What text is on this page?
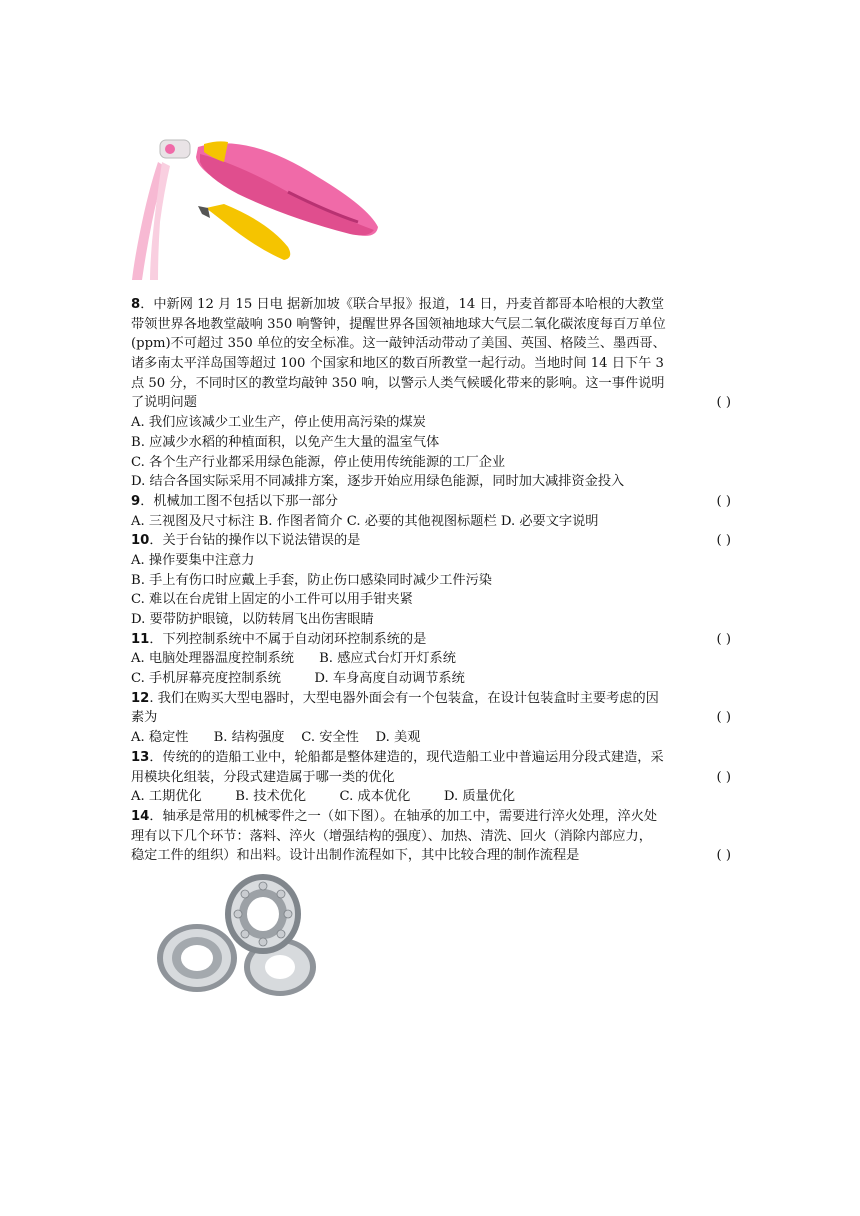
8．中新网 12 月 15 日电 据新加坡《联合早报》报道，14 日，丹麦首都哥本哈根的大教堂
带领世界各地教堂敲响 350 响警钟，提醒世界各国领袖地球大气层二氧化碳浓度每百万单位
(ppm)不可超过 350 单位的安全标准。这一敲钟活动带动了美国、英国、格陵兰、墨西哥、
诸多南太平洋岛国等超过 100 个国家和地区的数百所教堂一起行动。当地时间 14 日下午 3
点 50 分，不同时区的教堂均敲钟 350 响，以警示人类气候暖化带来的影响。这一事件说明
了说明问题	( )
A. 我们应该减少工业生产，停止使用高污染的煤炭
B. 应减少水稻的种植面积，以免产生大量的温室气体
C. 各个生产行业都采用绿色能源，停止使用传统能源的工厂企业
D. 结合各国实际采用不同减排方案，逐步开始应用绿色能源，同时加大减排资金投入
9．机械加工图不包括以下那一部分	( )
A. 三视图及尺寸标注 B. 作图者简介 C. 必要的其他视图标题栏 D. 必要文字说明
10．关于台钻的操作以下说法错误的是	( )
A. 操作要集中注意力
B. 手上有伤口时应戴上手套，防止伤口感染同时减少工件污染
C. 难以在台虎钳上固定的小工件可以用手钳夹紧
D. 要带防护眼镜，以防转屑飞出伤害眼睛
11．下列控制系统中不属于自动闭环控制系统的是	( )
A. 电脑处理器温度控制系统      B. 感应式台灯开灯系统
C. 手机屏幕亮度控制系统        D. 车身高度自动调节系统
12. 我们在购买大型电器时，大型电器外面会有一个包装盒，在设计包装盒时主要考虑的因
素为	( )
A. 稳定性      B. 结构强度    C. 安全性    D. 美观
13．传统的的造船工业中，轮船都是整体建造的，现代造船工业中普遍运用分段式建造，采
用模块化组装，分段式建造属于哪一类的优化	( )
A. 工期优化        B. 技术优化        C. 成本优化        D. 质量优化
14．轴承是常用的机械零件之一（如下图）。在轴承的加工中，需要进行淬火处理，淬火处
理有以下几个环节：落料、淬火（增强结构的强度）、加热、清洗、回火（消除内部应力，
稳定工件的组织）和出料。设计出制作流程如下，其中比较合理的制作流程是	( )
